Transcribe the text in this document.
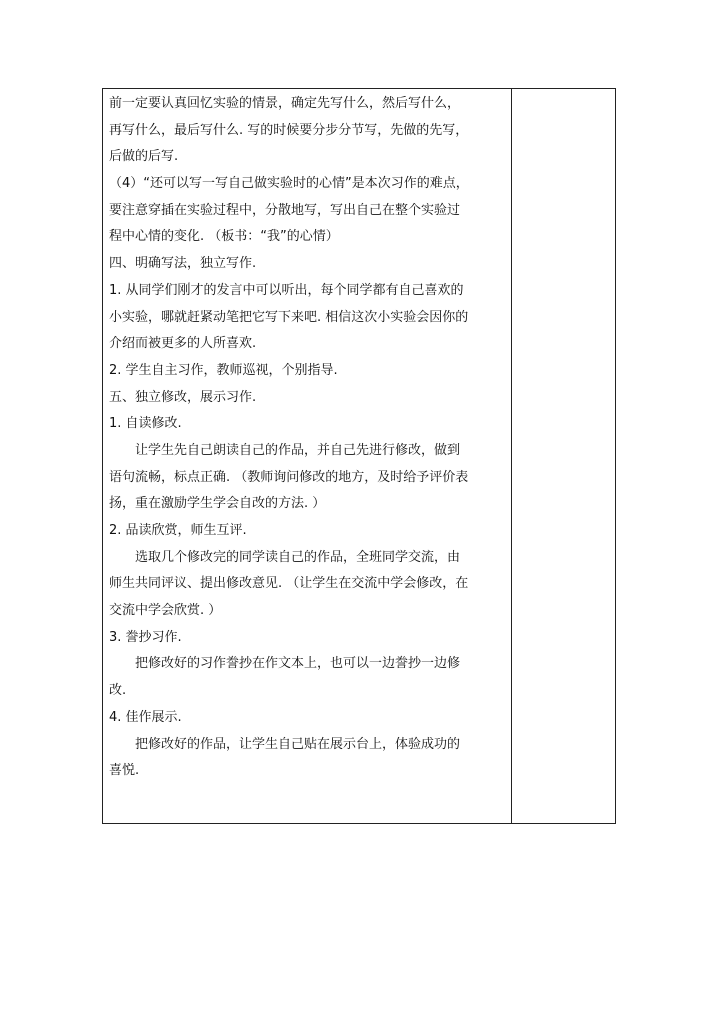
前一定要认真回忆实验的情景，确定先写什么，然后写什么，
再写什么，最后写什么. 写的时候要分步分节写，先做的先写，
后做的后写.
（4）“还可以写一写自己做实验时的心情”是本次习作的难点，
要注意穿插在实验过程中，分散地写，写出自己在整个实验过
程中心情的变化. （板书：“我”的心情）
四、明确写法，独立写作.
1. 从同学们刚才的发言中可以听出，每个同学都有自己喜欢的
小实验，哪就赶紧动笔把它写下来吧. 相信这次小实验会因你的
介绍而被更多的人所喜欢.
2. 学生自主习作，教师巡视，个别指导.
五、独立修改，展示习作.
1. 自读修改.
让学生先自己朗读自己的作品，并自己先进行修改，做到
语句流畅，标点正确. （教师询问修改的地方，及时给予评价表
扬，重在激励学生学会自改的方法. ）
2. 品读欣赏，师生互评.
选取几个修改完的同学读自己的作品，全班同学交流，由
师生共同评议、提出修改意见. （让学生在交流中学会修改，在
交流中学会欣赏. ）
3. 誊抄习作.
把修改好的习作誊抄在作文本上，也可以一边誊抄一边修
改.
4. 佳作展示.
把修改好的作品，让学生自己贴在展示台上，体验成功的
喜悦.
